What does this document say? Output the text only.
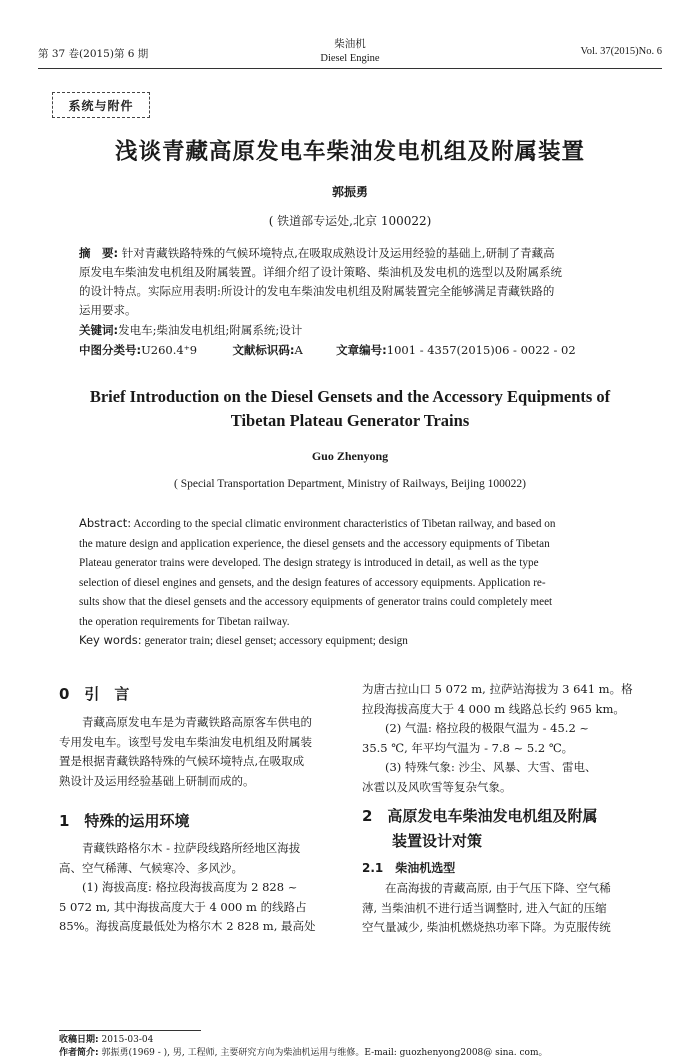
第 37 卷(2015)第 6 期
柴油机
Diesel Engine
Vol. 37(2015)No. 6
系统与附件
浅谈青藏高原发电车柴油发电机组及附属装置
郭振勇
( 铁道部专运处,北京 100022)
摘　要: 针对青藏铁路特殊的气候环境特点,在吸取成熟设计及运用经验的基础上,研制了青藏高
原发电车柴油发电机组及附属装置。详细介绍了设计策略、柴油机及发电机的选型以及附属系统
的设计特点。实际应用表明:所设计的发电车柴油发电机组及附属装置完全能够满足青藏铁路的
运用要求。
关键词:发电车;柴油发电机组;附属系统;设计
中图分类号:U260.4⁺9	文献标识码:A	文章编号:1001 - 4357(2015)06 - 0022 - 02
Brief Introduction on the Diesel Gensets and the Accessory Equipments of
Tibetan Plateau Generator Trains
Guo Zhenyong
( Special Transportation Department, Ministry of Railways, Beijing 100022)
Abstract: According to the special climatic environment characteristics of Tibetan railway, and based on
the mature design and application experience, the diesel gensets and the accessory equipments of Tibetan
Plateau generator trains were developed. The design strategy is introduced in detail, as well as the type
selection of diesel engines and gensets, and the design features of accessory equipments. Application re-
sults show that the diesel gensets and the accessory equipments of generator trains could completely meet
the operation requirements for Tibetan railway.
Key words: generator train; diesel genset; accessory equipment; design
0　引　言
　　青藏高原发电车是为青藏铁路高原客车供电的
专用发电车。该型号发电车柴油发电机组及附属装
置是根据青藏铁路特殊的气候环境特点,在吸取成
熟设计及运用经验基础上研制而成的。
1　特殊的运用环境
　　青藏铁路格尔木 - 拉萨段线路所经地区海拔
高、空气稀薄、气候寒冷、多风沙。
　　(1) 海拔高度: 格拉段海拔高度为 2 828 ~
5 072 m, 其中海拔高度大于 4 000 m 的线路占
85%。海拔高度最低处为格尔木 2 828 m, 最高处
为唐古拉山口 5 072 m, 拉萨站海拔为 3 641 m。格
拉段海拔高度大于 4 000 m 线路总长约 965 km。
　　(2) 气温: 格拉段的极限气温为 - 45.2 ~
35.5 ℃, 年平均气温为 - 7.8 ~ 5.2 ℃。
　　(3) 特殊气象: 沙尘、风暴、大雪、雷电、
冰雹以及风吹雪等复杂气象。
2　高原发电车柴油发电机组及附属
装置设计对策
2.1　柴油机选型
　　在高海拔的青藏高原, 由于气压下降、空气稀
薄, 当柴油机不进行适当调整时, 进入气缸的压缩
空气量减少, 柴油机燃烧热功率下降。为克服传统
收稿日期: 2015-03-04
作者简介: 郭振勇(1969 - ), 男, 工程师, 主要研究方向为柴油机运用与维修。E-mail: guozhenyong2008@ sina. com。
